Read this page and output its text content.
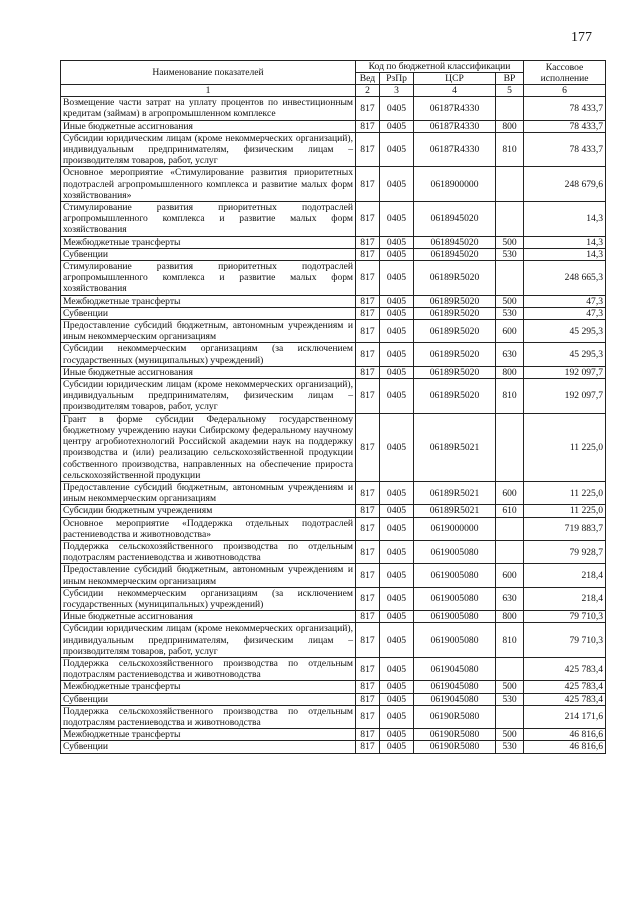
177
Наименование показателей	Код по бюджетной классификации				Кассовое исполнение
	Вед	РзПр	ЦСР	ВР	
1	2	3	4	5	6
Возмещение части затрат на уплату процентов по инвестиционным кредитам (займам) в агропромышленном комплексе	817	0405	06187R4330		78 433,7
Иные бюджетные ассигнования	817	0405	06187R4330	800	78 433,7
Субсидии юридическим лицам (кроме некоммерческих организаций), индивидуальным предпринимателям, физическим лицам – производителям товаров, работ, услуг	817	0405	06187R4330	810	78 433,7
Основное мероприятие «Стимулирование развития приоритетных подотраслей агропромышленного комплекса и развитие малых форм хозяйствования»	817	0405	0618900000		248 679,6
Стимулирование развития приоритетных подотраслей агропромышленного комплекса и развитие малых форм хозяйствования	817	0405	0618945020		14,3
Межбюджетные трансферты	817	0405	0618945020	500	14,3
Субвенции	817	0405	0618945020	530	14,3
Стимулирование развития приоритетных подотраслей агропромышленного комплекса и развитие малых форм хозяйствования	817	0405	06189R5020		248 665,3
Межбюджетные трансферты	817	0405	06189R5020	500	47,3
Субвенции	817	0405	06189R5020	530	47,3
Предоставление субсидий бюджетным, автономным учреждениям и иным некоммерческим организациям	817	0405	06189R5020	600	45 295,3
Субсидии некоммерческим организациям (за исключением государственных (муниципальных) учреждений)	817	0405	06189R5020	630	45 295,3
Иные бюджетные ассигнования	817	0405	06189R5020	800	192 097,7
Субсидии юридическим лицам (кроме некоммерческих организаций), индивидуальным предпринимателям, физическим лицам – производителям товаров, работ, услуг	817	0405	06189R5020	810	192 097,7
Грант в форме субсидии Федеральному государственному бюджетному учреждению науки Сибирскому федеральному научному центру агробиотехнологий Российской академии наук на поддержку производства и (или) реализацию сельскохозяйственной продукции собственного производства, направленных на обеспечение прироста сельскохозяйственной продукции	817	0405	06189R5021		11 225,0
Предоставление субсидий бюджетным, автономным учреждениям и иным некоммерческим организациям	817	0405	06189R5021	600	11 225,0
Субсидии бюджетным учреждениям	817	0405	06189R5021	610	11 225,0
Основное мероприятие «Поддержка отдельных подотраслей растениеводства и животноводства»	817	0405	0619000000		719 883,7
Поддержка сельскохозяйственного производства по отдельным подотраслям растениеводства и животноводства	817	0405	0619005080		79 928,7
Предоставление субсидий бюджетным, автономным учреждениям и иным некоммерческим организациям	817	0405	0619005080	600	218,4
Субсидии некоммерческим организациям (за исключением государственных (муниципальных) учреждений)	817	0405	0619005080	630	218,4
Иные бюджетные ассигнования	817	0405	0619005080	800	79 710,3
Субсидии юридическим лицам (кроме некоммерческих организаций), индивидуальным предпринимателям, физическим лицам – производителям товаров, работ, услуг	817	0405	0619005080	810	79 710,3
Поддержка сельскохозяйственного производства по отдельным подотраслям растениеводства и животноводства	817	0405	0619045080		425 783,4
Межбюджетные трансферты	817	0405	0619045080	500	425 783,4
Субвенции	817	0405	0619045080	530	425 783,4
Поддержка сельскохозяйственного производства по отдельным подотраслям растениеводства и животноводства	817	0405	06190R5080		214 171,6
Межбюджетные трансферты	817	0405	06190R5080	500	46 816,6
Субвенции	817	0405	06190R5080	530	46 816,6
